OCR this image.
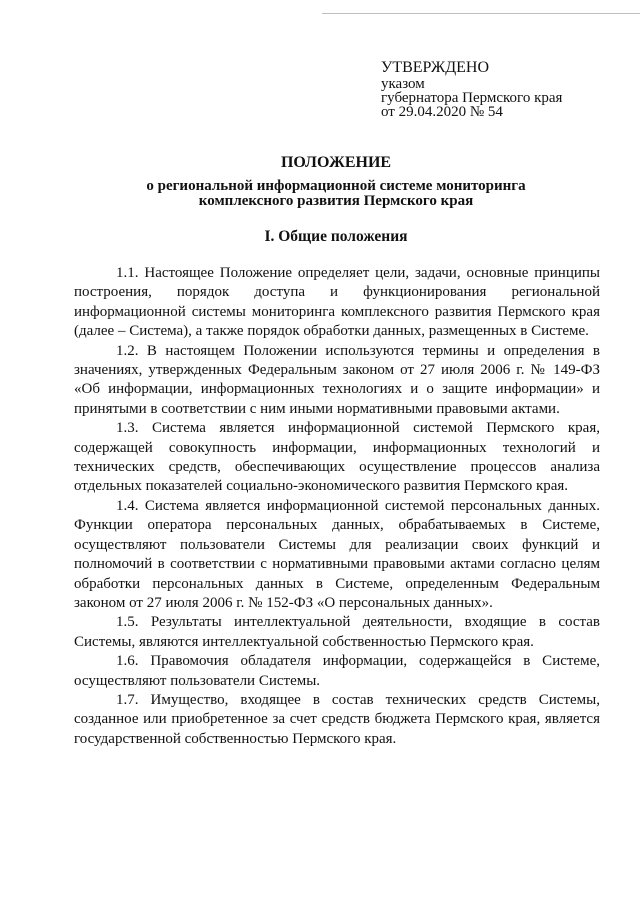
УТВЕРЖДЕНО
указом
губернатора Пермского края
от 29.04.2020 № 54
ПОЛОЖЕНИЕ
о региональной информационной системе мониторинга
комплексного развития Пермского края
I. Общие положения

1.1. Настоящее Положение определяет цели, задачи, основные принципы построения, порядок доступа и функционирования региональной информационной системы мониторинга комплексного развития Пермского края (далее – Система), а также порядок обработки данных, размещенных в Системе.

1.2. В настоящем Положении используются термины и определения в значениях, утвержденных Федеральным законом от 27 июля 2006 г. № 149-ФЗ «Об информации, информационных технологиях и о защите информации» и принятыми в соответствии с ним иными нормативными правовыми актами.

1.3. Система является информационной системой Пермского края, содержащей совокупность информации, информационных технологий и технических средств, обеспечивающих осуществление процессов анализа отдельных показателей социально-экономического развития Пермского края.

1.4. Система является информационной системой персональных данных. Функции оператора персональных данных, обрабатываемых в Системе, осуществляют пользователи Системы для реализации своих функций и полномочий в соответствии с нормативными правовыми актами согласно целям обработки персональных данных в Системе, определенным Федеральным законом от 27 июля 2006 г. № 152-ФЗ «О персональных данных».

1.5. Результаты интеллектуальной деятельности, входящие в состав Системы, являются интеллектуальной собственностью Пермского края.

1.6. Правомочия обладателя информации, содержащейся в Системе, осуществляют пользователи Системы.

1.7. Имущество, входящее в состав технических средств Системы, созданное или приобретенное за счет средств бюджета Пермского края, является государственной собственностью Пермского края.
